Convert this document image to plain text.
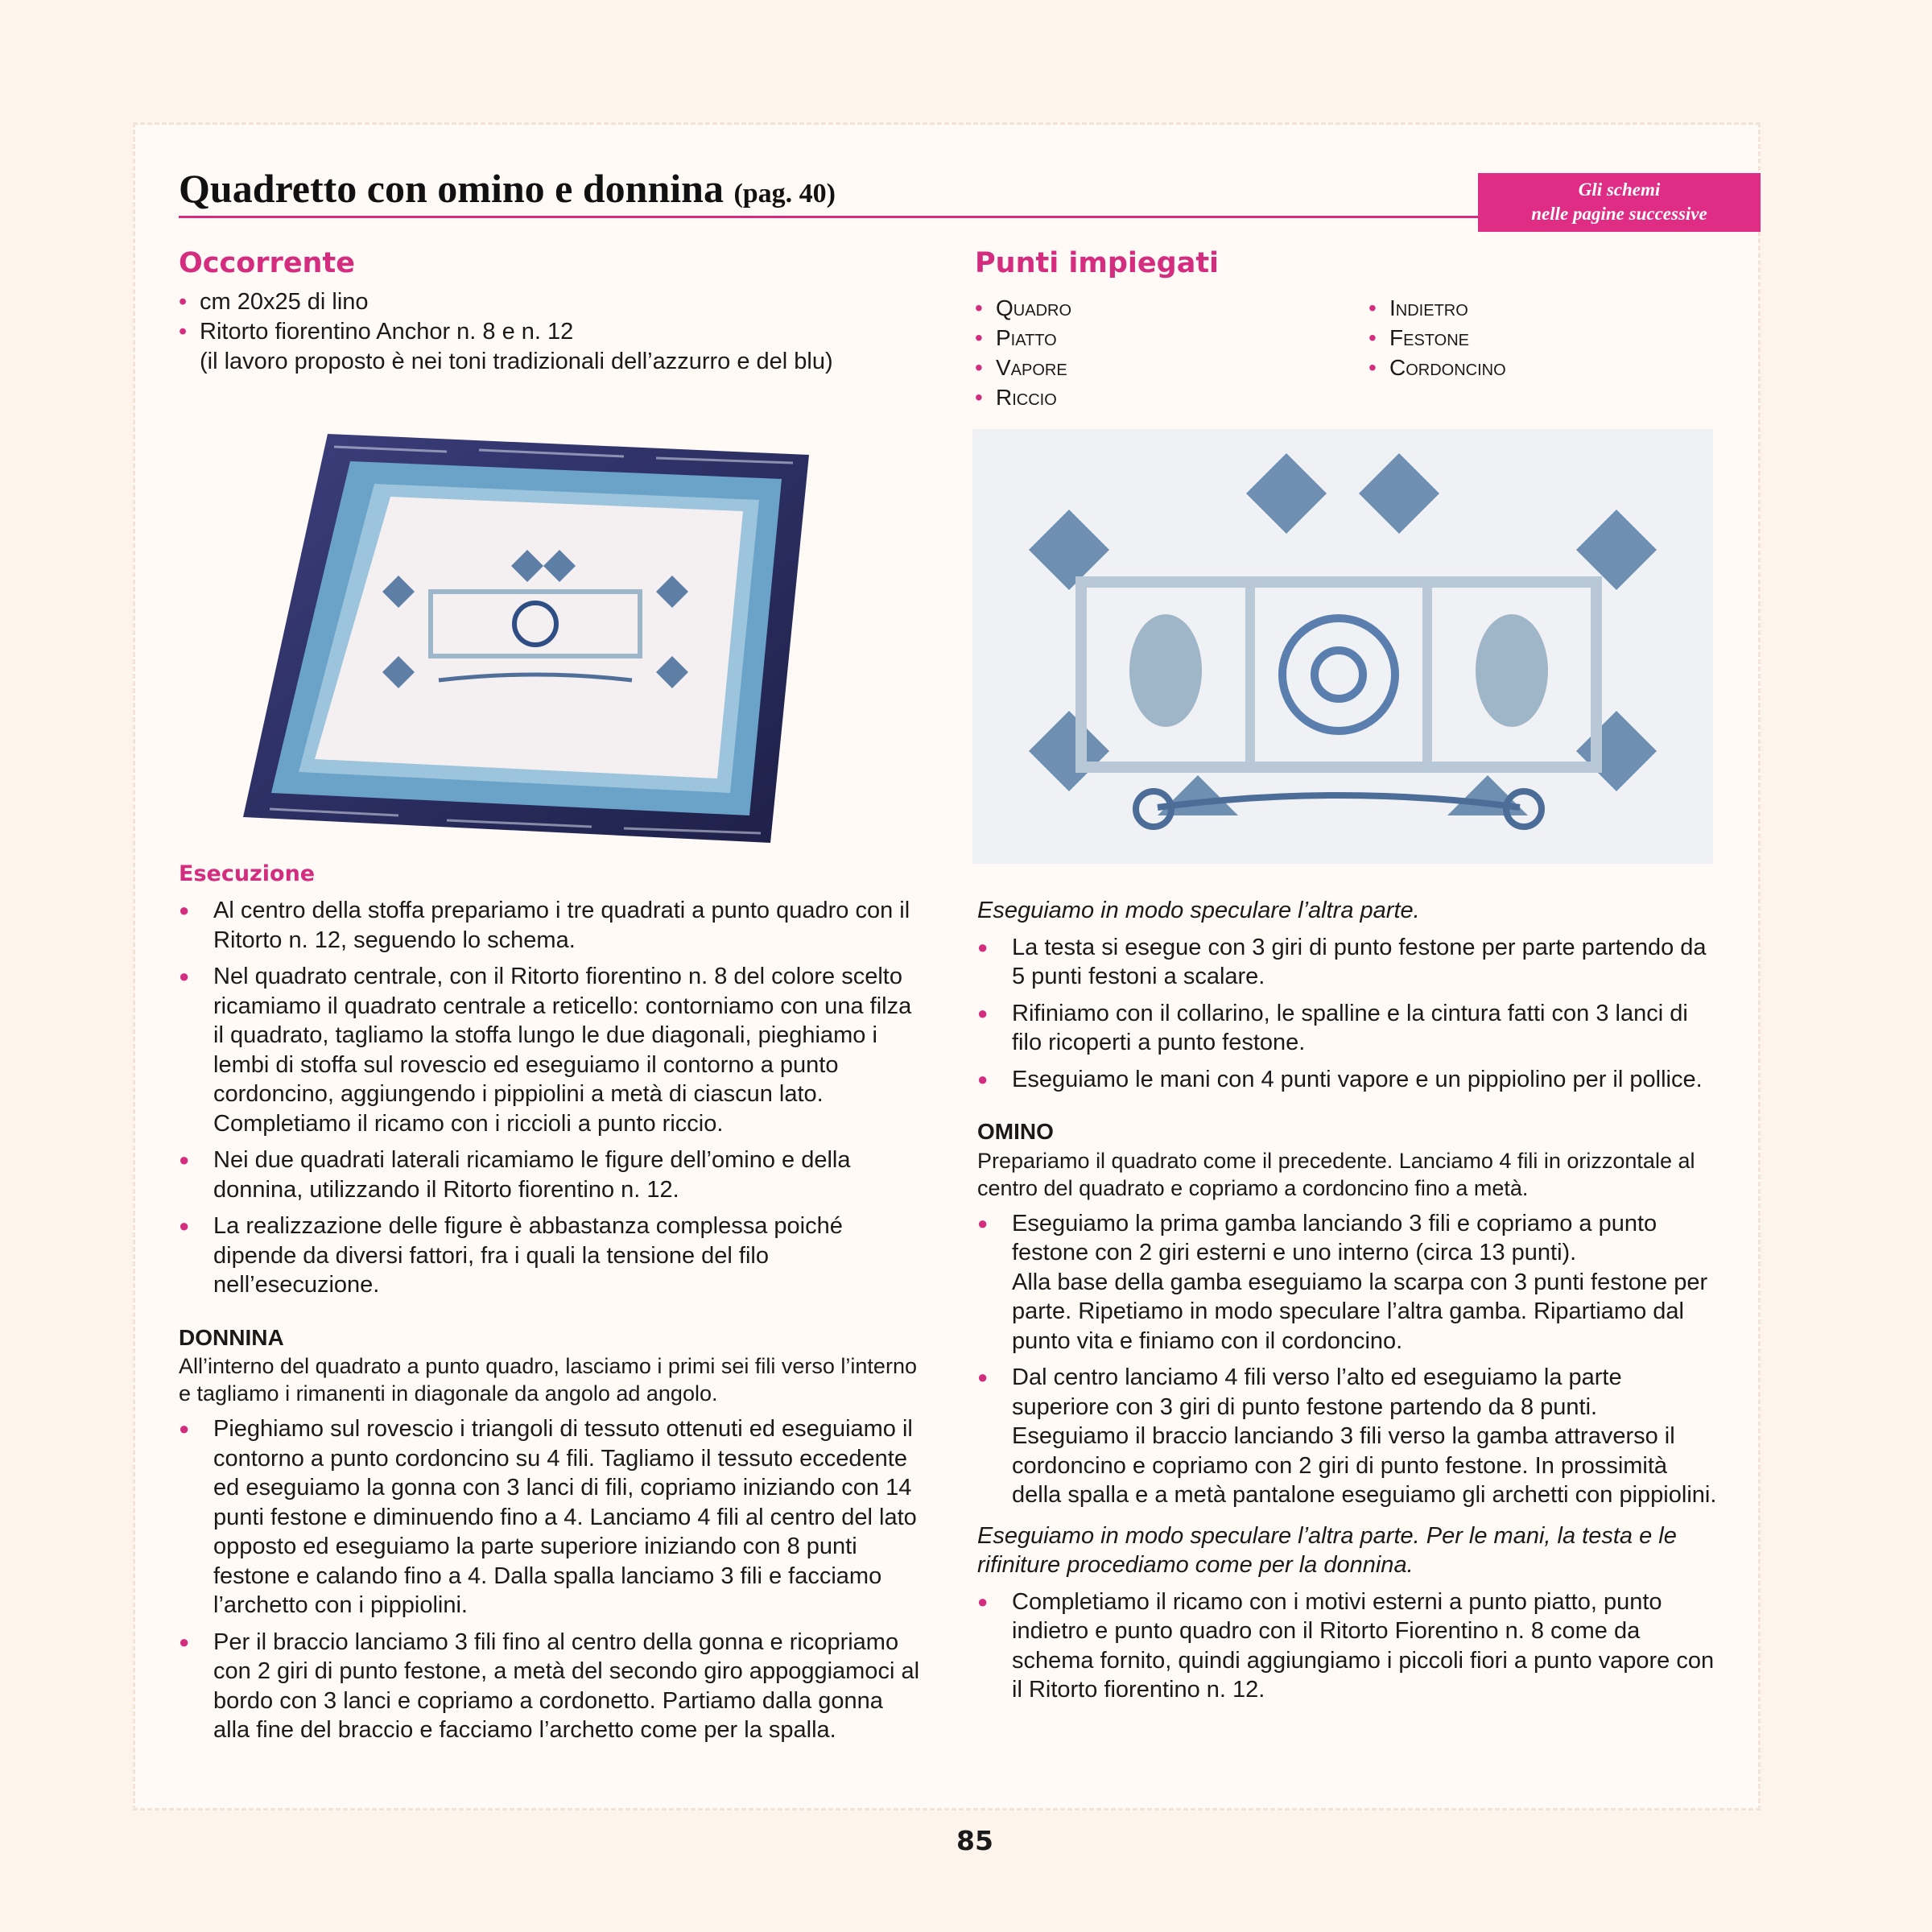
Quadretto con omino e donnina (pag. 40)	Gli schemi
nelle pagine successive
Occorrente
• cm 20x25 di lino
• Ritorto fiorentino Anchor n. 8 e n. 12
(il lavoro proposto è nei toni tradizionali dell’azzurro e del blu)
Punti impiegati
• Quadro
• Piatto
• Vapore
• Riccio
• Indietro
• Festone
• Cordoncino
Esecuzione
● Al centro della stoffa prepariamo i tre quadrati a punto quadro con il Ritorto n. 12, seguendo lo schema.
● Nel quadrato centrale, con il Ritorto fiorentino n. 8 del colore scelto ricamiamo il quadrato centrale a reticello: contorniamo con una filza il quadrato, tagliamo la stoffa lungo le due diagonali, pieghiamo i lembi di stoffa sul rovescio ed eseguiamo il contorno a punto cordoncino, aggiungendo i pippiolini a metà di ciascun lato. Completiamo il ricamo con i riccioli a punto riccio.
● Nei due quadrati laterali ricamiamo le figure dell’omino e della donnina, utilizzando il Ritorto fiorentino n. 12.
● La realizzazione delle figure è abbastanza complessa poiché dipende da diversi fattori, fra i quali la tensione del filo nell’esecuzione.

DONNINA

All’interno del quadrato a punto quadro, lasciamo i primi sei fili verso l’interno e tagliamo i rimanenti in diagonale da angolo ad angolo.

● Pieghiamo sul rovescio i triangoli di tessuto ottenuti ed eseguiamo il contorno a punto cordoncino su 4 fili. Tagliamo il tessuto eccedente ed eseguiamo la gonna con 3 lanci di fili, copriamo iniziando con 14 punti festone e diminuendo fino a 4. Lanciamo 4 fili al centro del lato opposto ed eseguiamo la parte superiore iniziando con 8 punti festone e calando fino a 4. Dalla spalla lanciamo 3 fili e facciamo l’archetto con i pippiolini.
● Per il braccio lanciamo 3 fili fino al centro della gonna e ricopriamo con 2 giri di punto festone, a metà del secondo giro appoggiamoci al bordo con 3 lanci e copriamo a cordonetto. Partiamo dalla gonna alla fine del braccio e facciamo l’archetto come per la spalla.

Eseguiamo in modo speculare l’altra parte.

● La testa si esegue con 3 giri di punto festone per parte partendo da 5 punti festoni a scalare.
● Rifiniamo con il collarino, le spalline e la cintura fatti con 3 lanci di filo ricoperti a punto festone.
● Eseguiamo le mani con 4 punti vapore e un pippiolino per il pollice.

OMINO

Prepariamo il quadrato come il precedente. Lanciamo 4 fili in orizzontale al centro del quadrato e copriamo a cordoncino fino a metà.

● Eseguiamo la prima gamba lanciando 3 fili e copriamo a punto festone con 2 giri esterni e uno interno (circa 13 punti).
Alla base della gamba eseguiamo la scarpa con 3 punti festone per parte. Ripetiamo in modo speculare l’altra gamba. Ripartiamo dal punto vita e finiamo con il cordoncino.
● Dal centro lanciamo 4 fili verso l’alto ed eseguiamo la parte superiore con 3 giri di punto festone partendo da 8 punti.
Eseguiamo il braccio lanciando 3 fili verso la gamba attraverso il cordoncino e copriamo con 2 giri di punto festone. In prossimità della spalla e a metà pantalone eseguiamo gli archetti con pippiolini.

Eseguiamo in modo speculare l’altra parte. Per le mani, la testa e le rifiniture procediamo come per la donnina.

● Completiamo il ricamo con i motivi esterni a punto piatto, punto indietro e punto quadro con il Ritorto Fiorentino n. 8 come da schema fornito, quindi aggiungiamo i piccoli fiori a punto vapore con il Ritorto fiorentino n. 12.
85
